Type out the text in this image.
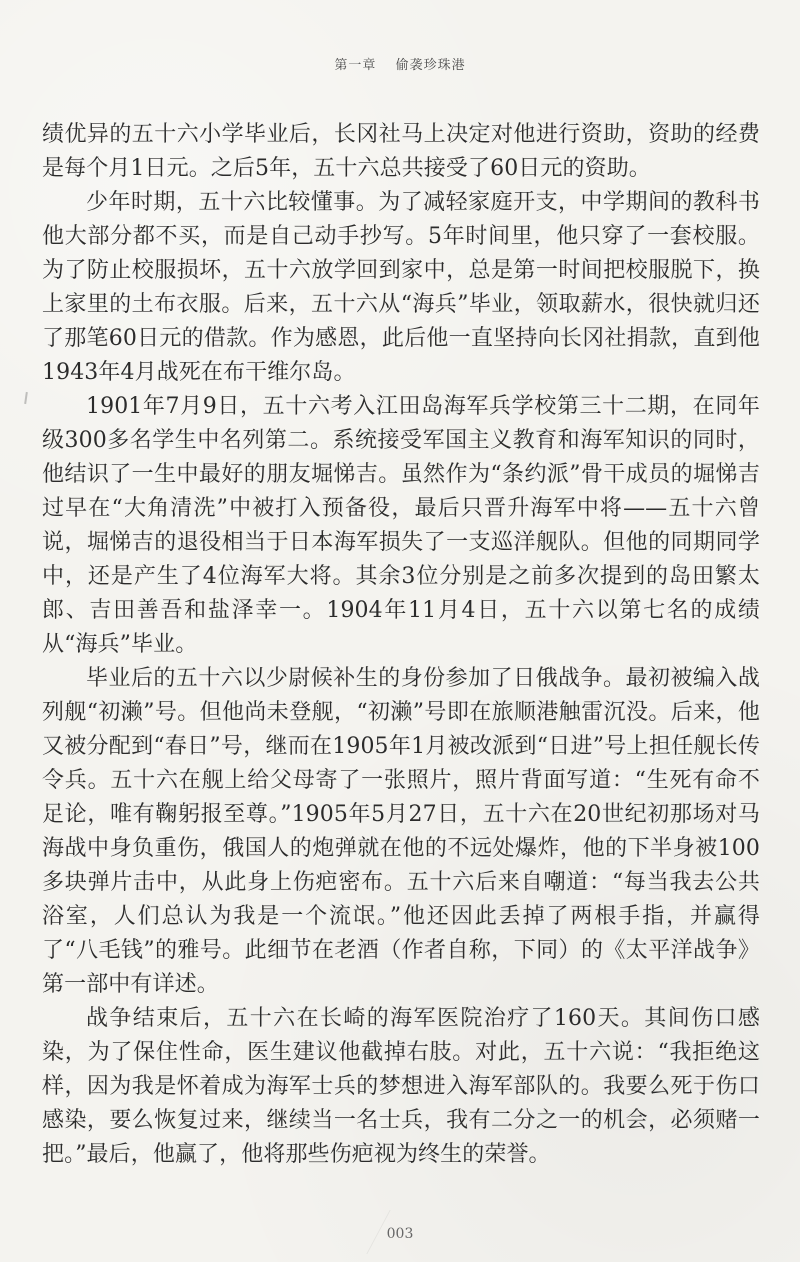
第一章 偷袭珍珠港

绩优异的五十六小学毕业后，长冈社马上决定对他进行资助，资助的经费是每个月1日元。之后5年，五十六总共接受了60日元的资助。

少年时期，五十六比较懂事。为了减轻家庭开支，中学期间的教科书他大部分都不买，而是自己动手抄写。5年时间里，他只穿了一套校服。为了防止校服损坏，五十六放学回到家中，总是第一时间把校服脱下，换上家里的土布衣服。后来，五十六从“海兵”毕业，领取薪水，很快就归还了那笔60日元的借款。作为感恩，此后他一直坚持向长冈社捐款，直到他1943年4月战死在布干维尔岛。

1901年7月9日，五十六考入江田岛海军兵学校第三十二期，在同年级300多名学生中名列第二。系统接受军国主义教育和海军知识的同时，他结识了一生中最好的朋友堀悌吉。虽然作为“条约派”骨干成员的堀悌吉过早在“大角清洗”中被打入预备役，最后只晋升海军中将——五十六曾说，堀悌吉的退役相当于日本海军损失了一支巡洋舰队。但他的同期同学中，还是产生了4位海军大将。其余3位分别是之前多次提到的岛田繁太郎、吉田善吾和盐泽幸一。1904年11月4日，五十六以第七名的成绩从“海兵”毕业。

毕业后的五十六以少尉候补生的身份参加了日俄战争。最初被编入战列舰“初濑”号。但他尚未登舰，“初濑”号即在旅顺港触雷沉没。后来，他又被分配到“春日”号，继而在1905年1月被改派到“日进”号上担任舰长传令兵。五十六在舰上给父母寄了一张照片，照片背面写道：“生死有命不足论，唯有鞠躬报至尊。”1905年5月27日，五十六在20世纪初那场对马海战中身负重伤，俄国人的炮弹就在他的不远处爆炸，他的下半身被100多块弹片击中，从此身上伤疤密布。五十六后来自嘲道：“每当我去公共浴室，人们总认为我是一个流氓。”他还因此丢掉了两根手指，并赢得了“八毛钱”的雅号。此细节在老酒（作者自称，下同）的《太平洋战争》第一部中有详述。

战争结束后，五十六在长崎的海军医院治疗了160天。其间伤口感染，为了保住性命，医生建议他截掉右肢。对此，五十六说：“我拒绝这样，因为我是怀着成为海军士兵的梦想进入海军部队的。我要么死于伤口感染，要么恢复过来，继续当一名士兵，我有二分之一的机会，必须赌一把。”最后，他赢了，他将那些伤疤视为终生的荣誉。

003
